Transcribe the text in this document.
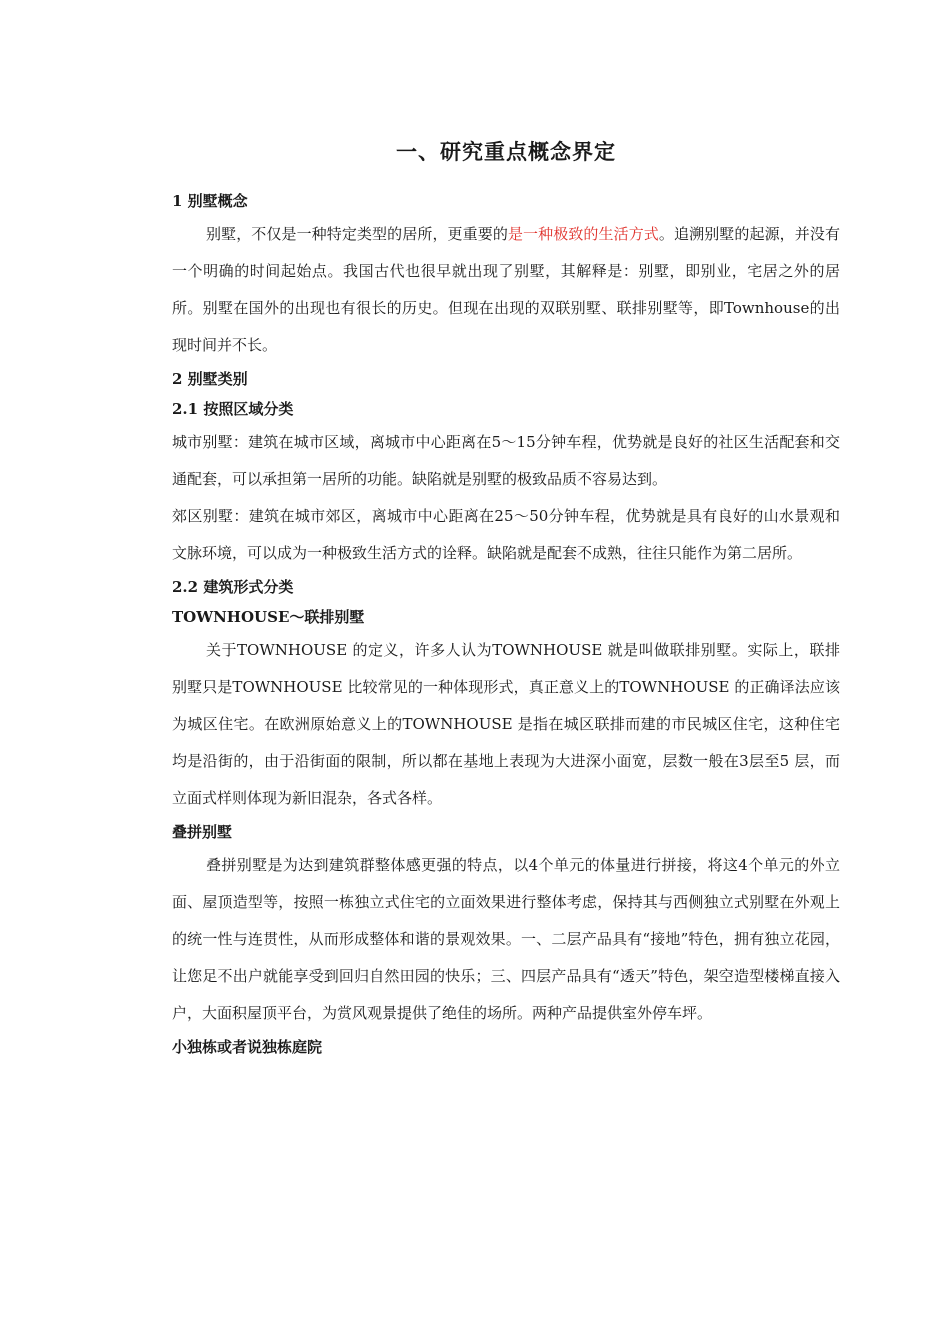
一、研究重点概念界定

1 别墅概念

别墅，不仅是一种特定类型的居所，更重要的是一种极致的生活方式。追溯别墅的起源，并没有一个明确的时间起始点。我国古代也很早就出现了别墅，其解释是：别墅，即别业，宅居之外的居所。别墅在国外的出现也有很长的历史。但现在出现的双联别墅、联排别墅等，即Townhouse的出现时间并不长。

2 别墅类别

2.1 按照区域分类

城市别墅：建筑在城市区域，离城市中心距离在5～15分钟车程，优势就是良好的社区生活配套和交通配套，可以承担第一居所的功能。缺陷就是别墅的极致品质不容易达到。

郊区别墅：建筑在城市郊区，离城市中心距离在25～50分钟车程，优势就是具有良好的山水景观和文脉环境，可以成为一种极致生活方式的诠释。缺陷就是配套不成熟，往往只能作为第二居所。

2.2 建筑形式分类

TOWNHOUSE～联排别墅

关于TOWNHOUSE 的定义，许多人认为TOWNHOUSE 就是叫做联排别墅。实际上，联排别墅只是TOWNHOUSE 比较常见的一种体现形式，真正意义上的TOWNHOUSE 的正确译法应该为城区住宅。在欧洲原始意义上的TOWNHOUSE 是指在城区联排而建的市民城区住宅，这种住宅均是沿街的，由于沿街面的限制，所以都在基地上表现为大进深小面宽，层数一般在3层至5 层，而立面式样则体现为新旧混杂，各式各样。

叠拼别墅

叠拼别墅是为达到建筑群整体感更强的特点，以4个单元的体量进行拼接，将这4个单元的外立面、屋顶造型等，按照一栋独立式住宅的立面效果进行整体考虑，保持其与西侧独立式别墅在外观上的统一性与连贯性，从而形成整体和谐的景观效果。一、二层产品具有“接地”特色，拥有独立花园，让您足不出户就能享受到回归自然田园的快乐；三、四层产品具有“透天”特色，架空造型楼梯直接入户，大面积屋顶平台，为赏风观景提供了绝佳的场所。两种产品提供室外停车坪。

小独栋或者说独栋庭院
